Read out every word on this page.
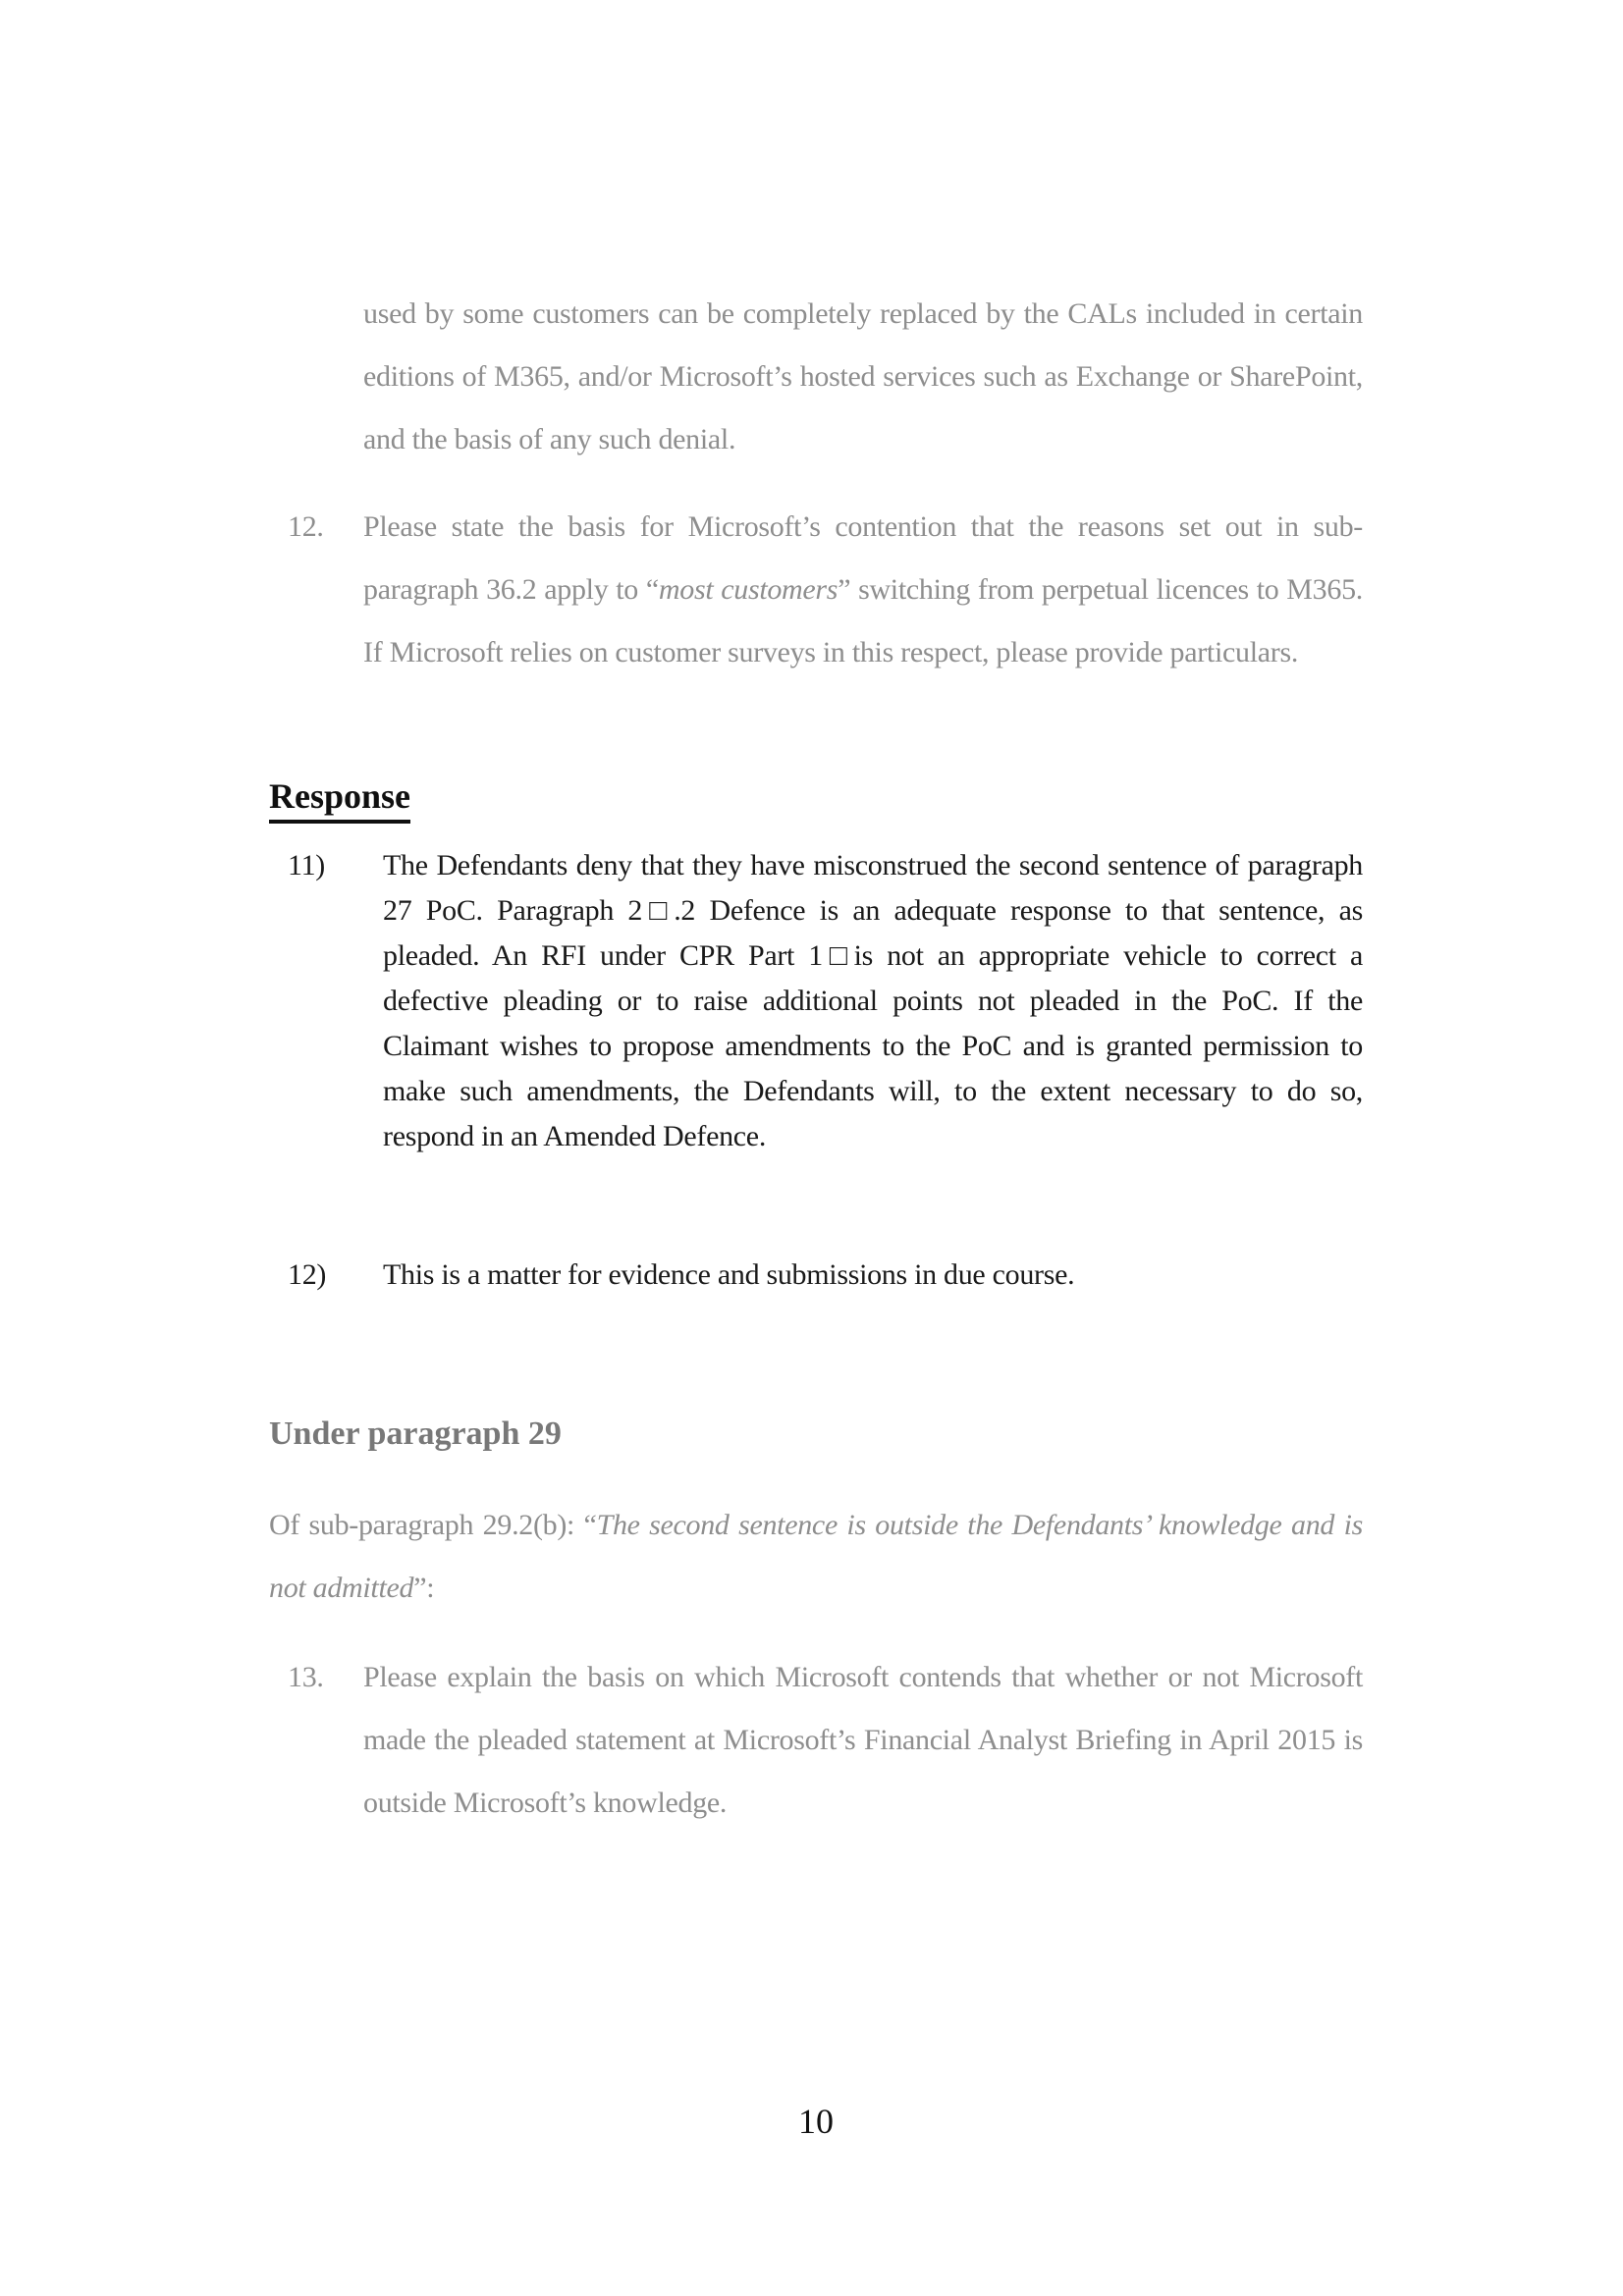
used by some customers can be completely replaced by the CALs included in certain editions of M365, and/or Microsoft’s hosted services such as Exchange or SharePoint, and the basis of any such denial.
12. Please state the basis for Microsoft’s contention that the reasons set out in sub-paragraph 36.2 apply to “most customers” switching from perpetual licences to M365. If Microsoft relies on customer surveys in this respect, please provide particulars.
Response
11) The Defendants deny that they have misconstrued the second sentence of paragraph 27 PoC. Paragraph 2□.2 Defence is an adequate response to that sentence, as pleaded. An RFI under CPR Part 1□is not an appropriate vehicle to correct a defective pleading or to raise additional points not pleaded in the PoC. If the Claimant wishes to propose amendments to the PoC and is granted permission to make such amendments, the Defendants will, to the extent necessary to do so, respond in an Amended Defence.
12) This is a matter for evidence and submissions in due course.
Under paragraph 29
Of sub-paragraph 29.2(b): “The second sentence is outside the Defendants’ knowledge and is not admitted”:
13. Please explain the basis on which Microsoft contends that whether or not Microsoft made the pleaded statement at Microsoft’s Financial Analyst Briefing in April 2015 is outside Microsoft’s knowledge.
10
